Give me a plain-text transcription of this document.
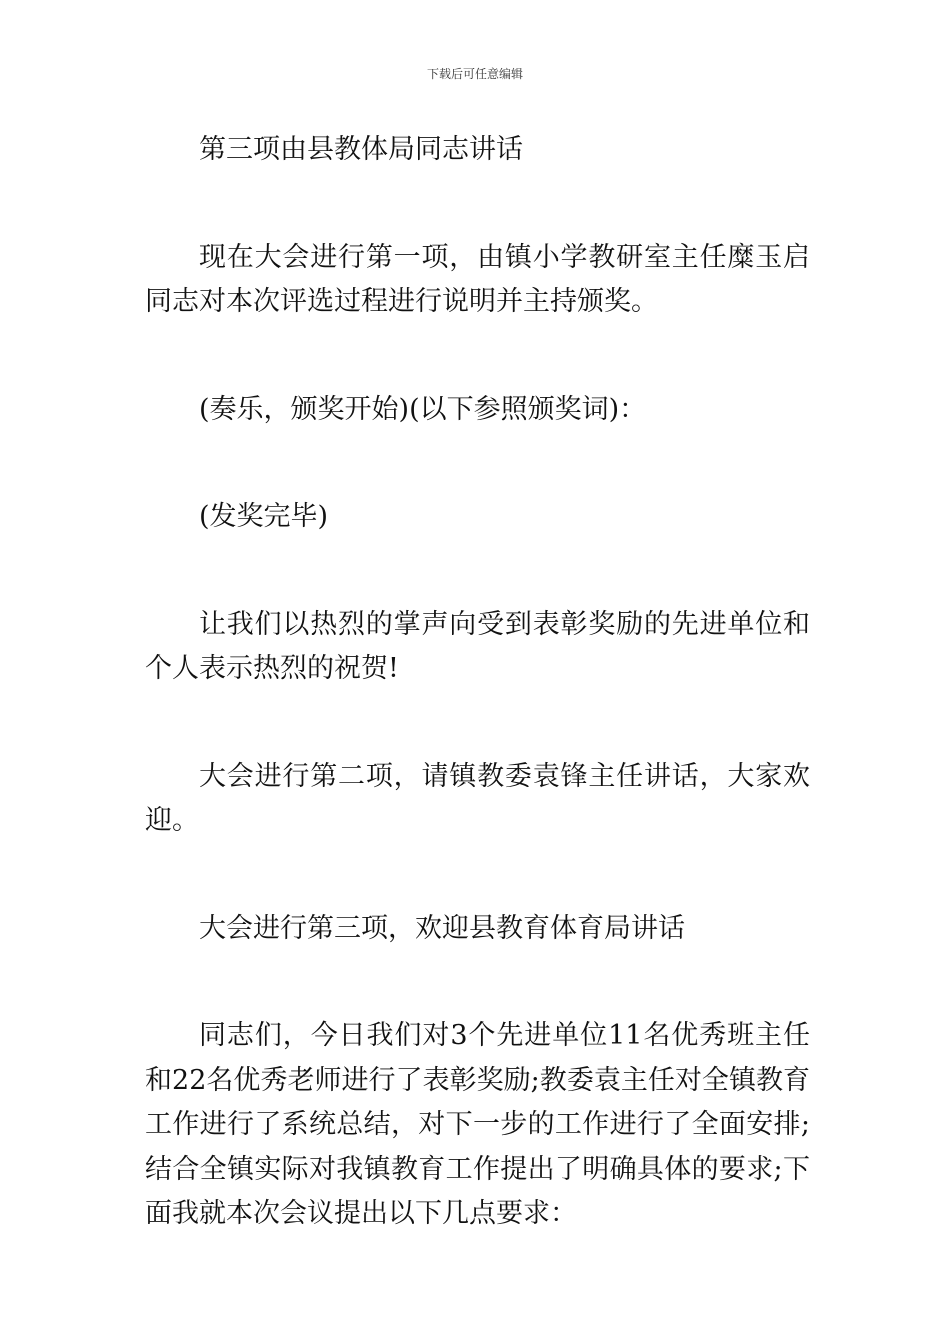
下载后可任意编辑

第三项由县教体局同志讲话

现在大会进行第一项，由镇小学教研室主任糜玉启同志对本次评选过程进行说明并主持颁奖。

(奏乐，颁奖开始)(以下参照颁奖词)：

(发奖完毕)

让我们以热烈的掌声向受到表彰奖励的先进单位和个人表示热烈的祝贺!

大会进行第二项，请镇教委袁锋主任讲话，大家欢迎。

大会进行第三项，欢迎县教育体育局讲话

同志们，今日我们对3个先进单位11名优秀班主任和22名优秀老师进行了表彰奖励;教委袁主任对全镇教育工作进行了系统总结，对下一步的工作进行了全面安排;结合全镇实际对我镇教育工作提出了明确具体的要求;下面我就本次会议提出以下几点要求：
